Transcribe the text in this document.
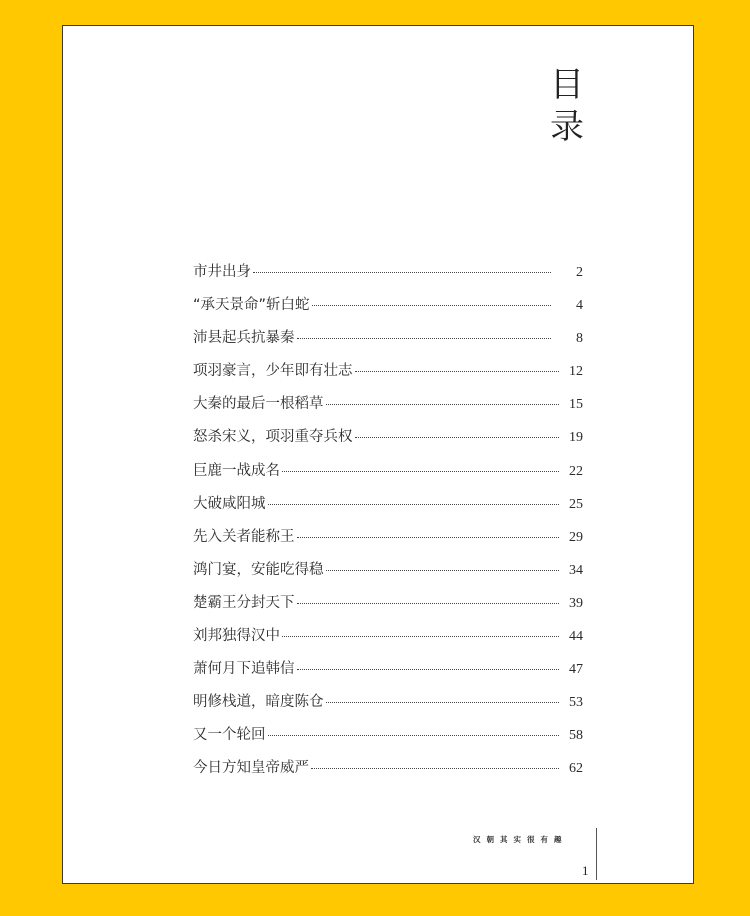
目
录
市井出身	2
“承天景命”斩白蛇	4
沛县起兵抗暴秦	8
项羽豪言，少年即有壮志	12
大秦的最后一根稻草	15
怒杀宋义，项羽重夺兵权	19
巨鹿一战成名	22
大破咸阳城	25
先入关者能称王	29
鸿门宴，安能吃得稳	34
楚霸王分封天下	39
刘邦独得汉中	44
萧何月下追韩信	47
明修栈道，暗度陈仓	53
又一个轮回	58
今日方知皇帝威严	62
汉朝其实很有趣
1
